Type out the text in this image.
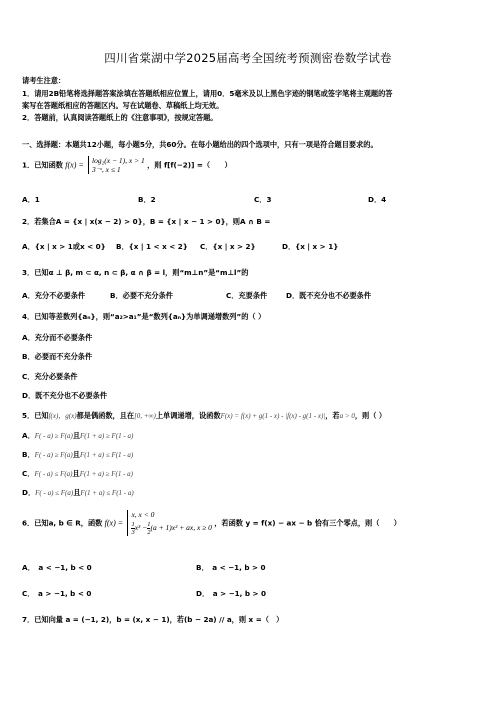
四川省棠湖中学2025届高考全国统考预测密卷数学试卷
请考生注意：
1．请用2B铅笔将选择题答案涂填在答题纸相应位置上，请用0．5毫米及以上黑色字迹的钢笔或签字笔将主观题的答
案写在答题纸相应的答题区内。写在试题卷、草稿纸上均无效。
2．答题前，认真阅读答题纸上的《注意事项》，按规定答题。
一、选择题：本题共12小题，每小题5分，共60分。在每小题给出的四个选项中，只有一项是符合题目要求的。
1．已知函数 f(x) = log₂(x − 1), x > 1
3⁻ˣ, x ≤ 1	，则 f[f(−2)] =（　　）
A．1	B．2	C．3	D．4
2．若集合A = {x | x(x − 2) > 0}，B = {x | x − 1 > 0}，则A ∩ B =
A．{x | x > 1或x < 0} B．{x | 1 < x < 2} C．{x | x > 2}	D．{x | x > 1}
3．已知α ⊥ β, m ⊂ α, n ⊂ β, α ∩ β = l，则“m⊥n”是“m⊥l”的
A．充分不必要条件	B．必要不充分条件	C．充要条件	D．既不充分也不必要条件
4．已知等差数列{aₙ}，则“a₂>a₁”是“数列{aₙ}为单调递增数列”的（ ）
A．充分而不必要条件
B．必要而不充分条件
C．充分必要条件
D．既不充分也不必要条件
5．已知f(x)，g(x)都是偶函数，且在[0, +∞)上单调递增，设函数F(x) = f(x) + g(1 - x) - |f(x) - g(1 - x)|，若a > 0，则（ ）
A．F( - a) ≥ F(a)且F(1 + a) ≥ F(1 - a)
B．F( - a) ≥ F(a)且F(1 + a) ≤ F(1 - a)
C．F( - a) ≤ F(a)且F(1 + a) ≥ F(1 - a)
D．F( - a) ≤ F(a)且F(1 + a) ≤ F(1 - a)
6．已知a, b ∈ R，函数 f(x) =
x, x < 0
$\frac{1}{3} x^3 - \frac{1}{2} (a + 1)x^2$ + ax, x ≥ 0
，若函数 y = f(x) − ax − b 恰有三个零点，则（　　）
A．　a < −1, b < 0	B．　a < −1, b > 0
C．　a > −1, b < 0	D．　a > −1, b > 0
7．已知向量 a = (−1, 2)，b = (x, x − 1)，若(b − 2a) // a，则 x =（　）
